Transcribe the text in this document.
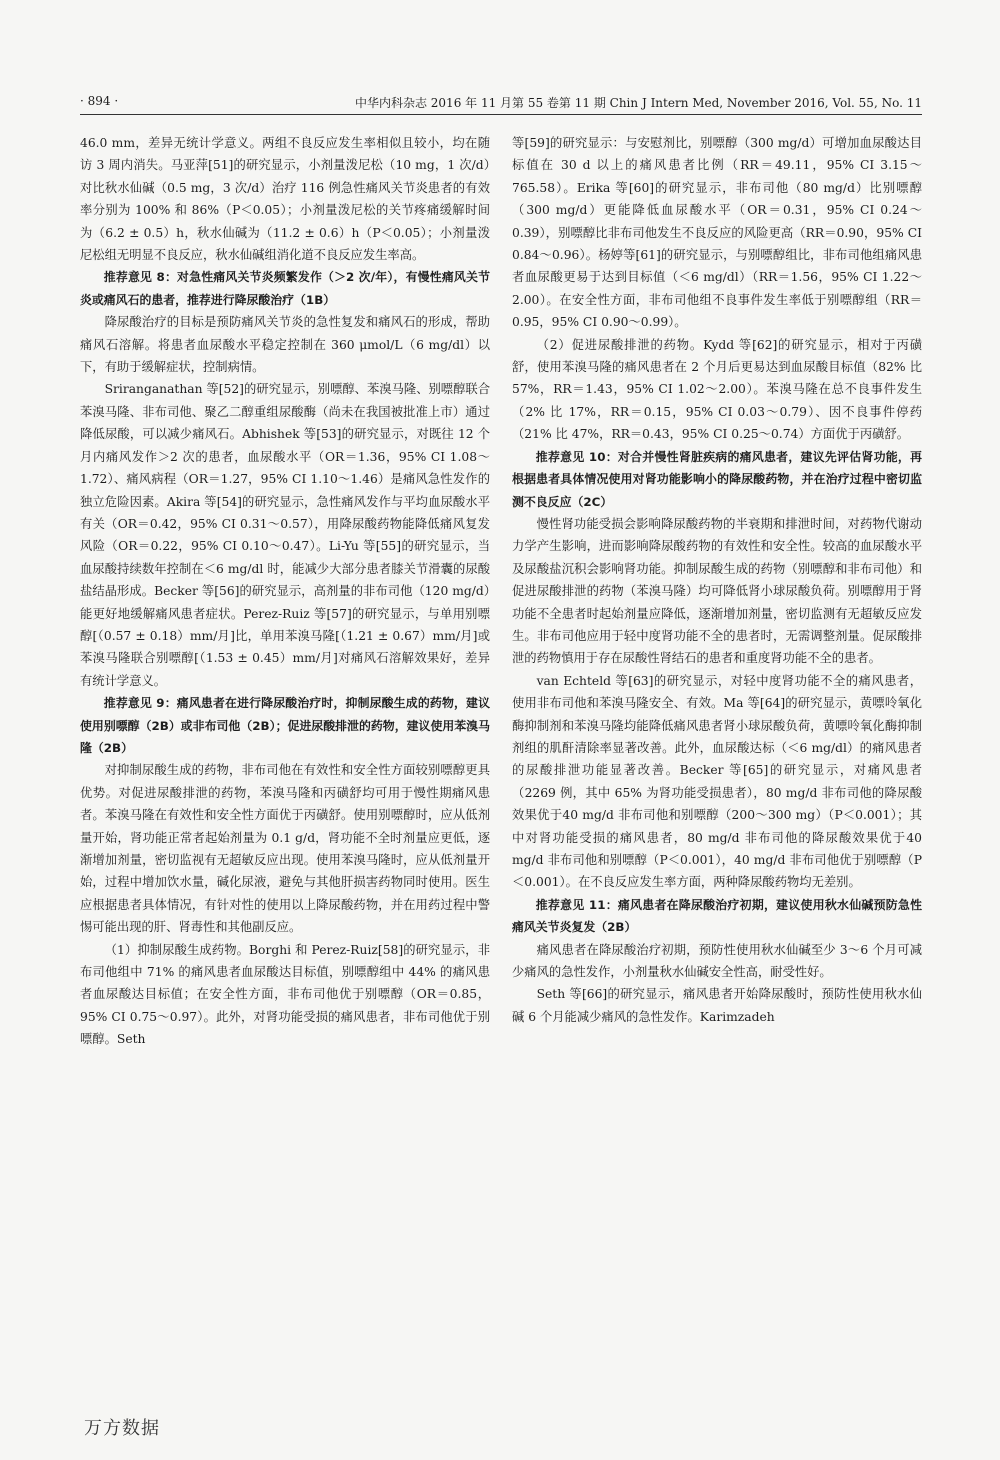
· 894 ·	中华内科杂志 2016 年 11 月第 55 卷第 11 期 Chin J Intern Med, November 2016, Vol. 55, No. 11

46.0 mm，差异无统计学意义。两组不良反应发生率相似且较小，均在随访 3 周内消失。马亚萍[51]的研究显示，小剂量泼尼松（10 mg，1 次/d）对比秋水仙碱（0.5 mg，3 次/d）治疗 116 例急性痛风关节炎患者的有效率分别为 100% 和 86%（P＜0.05）；小剂量泼尼松的关节疼痛缓解时间为（6.2 ± 0.5）h，秋水仙碱为（11.2 ± 0.6）h（P＜0.05）；小剂量泼尼松组无明显不良反应，秋水仙碱组消化道不良反应发生率高。

推荐意见 8：对急性痛风关节炎频繁发作（＞2 次/年），有慢性痛风关节炎或痛风石的患者，推荐进行降尿酸治疗（1B）

降尿酸治疗的目标是预防痛风关节炎的急性复发和痛风石的形成，帮助痛风石溶解。将患者血尿酸水平稳定控制在 360 μmol/L（6 mg/dl）以下，有助于缓解症状，控制病情。

Sriranganathan 等[52]的研究显示，别嘌醇、苯溴马隆、别嘌醇联合苯溴马隆、非布司他、聚乙二醇重组尿酸酶（尚未在我国被批准上市）通过降低尿酸，可以减少痛风石。Abhishek 等[53]的研究显示，对既往 12 个月内痛风发作＞2 次的患者，血尿酸水平（OR＝1.36，95% CI 1.08～1.72）、痛风病程（OR＝1.27，95% CI 1.10～1.46）是痛风急性发作的独立危险因素。Akira 等[54]的研究显示，急性痛风发作与平均血尿酸水平有关（OR＝0.42，95% CI 0.31～0.57），用降尿酸药物能降低痛风复发风险（OR＝0.22，95% CI 0.10～0.47）。Li-Yu 等[55]的研究显示，当血尿酸持续数年控制在＜6 mg/dl 时，能减少大部分患者膝关节滑囊的尿酸盐结晶形成。Becker 等[56]的研究显示，高剂量的非布司他（120 mg/d）能更好地缓解痛风患者症状。Perez-Ruiz 等[57]的研究显示，与单用别嘌醇[（0.57 ± 0.18）mm/月]比，单用苯溴马隆[（1.21 ± 0.67）mm/月]或苯溴马隆联合别嘌醇[（1.53 ± 0.45）mm/月]对痛风石溶解效果好，差异有统计学意义。

推荐意见 9：痛风患者在进行降尿酸治疗时，抑制尿酸生成的药物，建议使用别嘌醇（2B）或非布司他（2B）；促进尿酸排泄的药物，建议使用苯溴马隆（2B）

对抑制尿酸生成的药物，非布司他在有效性和安全性方面较别嘌醇更具优势。对促进尿酸排泄的药物，苯溴马隆和丙磺舒均可用于慢性期痛风患者。苯溴马隆在有效性和安全性方面优于丙磺舒。使用别嘌醇时，应从低剂量开始，肾功能正常者起始剂量为 0.1 g/d，肾功能不全时剂量应更低，逐渐增加剂量，密切监视有无超敏反应出现。使用苯溴马隆时，应从低剂量开始，过程中增加饮水量，碱化尿液，避免与其他肝损害药物同时使用。医生应根据患者具体情况，有针对性的使用以上降尿酸药物，并在用药过程中警惕可能出现的肝、肾毒性和其他副反应。

（1）抑制尿酸生成药物。Borghi 和 Perez-Ruiz[58]的研究显示，非布司他组中 71% 的痛风患者血尿酸达目标值，别嘌醇组中 44% 的痛风患者血尿酸达目标值；在安全性方面，非布司他优于别嘌醇（OR＝0.85，95% CI 0.75～0.97）。此外，对肾功能受损的痛风患者，非布司他优于别嘌醇。Seth

等[59]的研究显示：与安慰剂比，别嘌醇（300 mg/d）可增加血尿酸达目标值在 30 d 以上的痛风患者比例（RR＝49.11，95% CI 3.15～765.58）。Erika 等[60]的研究显示，非布司他（80 mg/d）比别嘌醇（300 mg/d）更能降低血尿酸水平（OR＝0.31，95% CI 0.24～0.39），别嘌醇比非布司他发生不良反应的风险更高（RR＝0.90，95% CI 0.84～0.96）。杨婷等[61]的研究显示，与别嘌醇组比，非布司他组痛风患者血尿酸更易于达到目标值（＜6 mg/dl）（RR＝1.56，95% CI 1.22～2.00）。在安全性方面，非布司他组不良事件发生率低于别嘌醇组（RR＝0.95，95% CI 0.90～0.99）。

（2）促进尿酸排泄的药物。Kydd 等[62]的研究显示，相对于丙磺舒，使用苯溴马隆的痛风患者在 2 个月后更易达到血尿酸目标值（82% 比 57%，RR＝1.43，95% CI 1.02～2.00）。苯溴马隆在总不良事件发生（2% 比 17%，RR＝0.15，95% CI 0.03～0.79）、因不良事件停药（21% 比 47%，RR＝0.43，95% CI 0.25～0.74）方面优于丙磺舒。

推荐意见 10：对合并慢性肾脏疾病的痛风患者，建议先评估肾功能，再根据患者具体情况使用对肾功能影响小的降尿酸药物，并在治疗过程中密切监测不良反应（2C）

慢性肾功能受损会影响降尿酸药物的半衰期和排泄时间，对药物代谢动力学产生影响，进而影响降尿酸药物的有效性和安全性。较高的血尿酸水平及尿酸盐沉积会影响肾功能。抑制尿酸生成的药物（别嘌醇和非布司他）和促进尿酸排泄的药物（苯溴马隆）均可降低肾小球尿酸负荷。别嘌醇用于肾功能不全患者时起始剂量应降低，逐渐增加剂量，密切监测有无超敏反应发生。非布司他应用于轻中度肾功能不全的患者时，无需调整剂量。促尿酸排泄的药物慎用于存在尿酸性肾结石的患者和重度肾功能不全的患者。

van Echteld 等[63]的研究显示，对轻中度肾功能不全的痛风患者，使用非布司他和苯溴马隆安全、有效。Ma 等[64]的研究显示，黄嘌呤氧化酶抑制剂和苯溴马隆均能降低痛风患者肾小球尿酸负荷，黄嘌呤氧化酶抑制剂组的肌酐清除率显著改善。此外，血尿酸达标（＜6 mg/dl）的痛风患者的尿酸排泄功能显著改善。Becker 等[65]的研究显示，对痛风患者（2269 例，其中 65% 为肾功能受损患者），80 mg/d 非布司他的降尿酸效果优于40 mg/d 非布司他和别嘌醇（200～300 mg）（P＜0.001）；其中对肾功能受损的痛风患者，80 mg/d 非布司他的降尿酸效果优于40 mg/d 非布司他和别嘌醇（P＜0.001），40 mg/d 非布司他优于别嘌醇（P＜0.001）。在不良反应发生率方面，两种降尿酸药物均无差别。

推荐意见 11：痛风患者在降尿酸治疗初期，建议使用秋水仙碱预防急性痛风关节炎复发（2B）

痛风患者在降尿酸治疗初期，预防性使用秋水仙碱至少 3～6 个月可减少痛风的急性发作，小剂量秋水仙碱安全性高，耐受性好。

Seth 等[66]的研究显示，痛风患者开始降尿酸时，预防性使用秋水仙碱 6 个月能减少痛风的急性发作。Karimzadeh

万方数据
